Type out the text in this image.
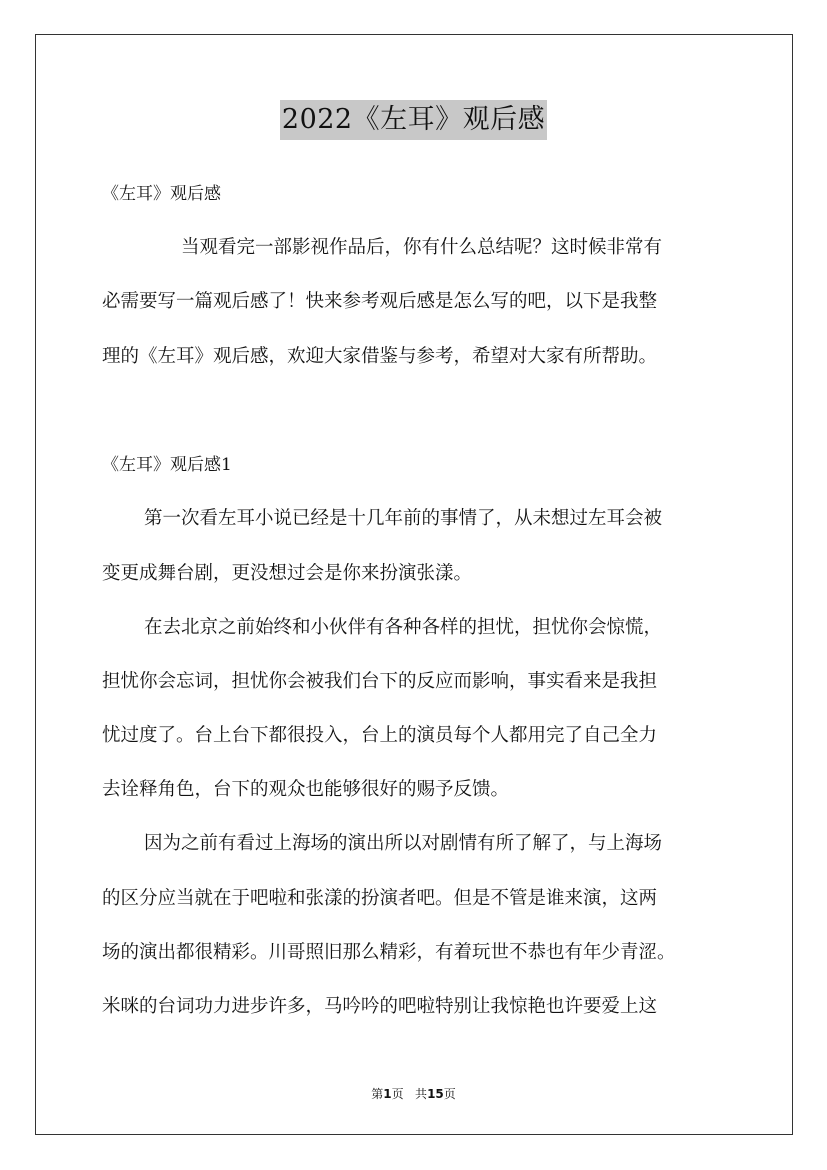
2022《左耳》观后感
《左耳》观后感
当观看完一部影视作品后，你有什么总结呢？这时候非常有
必需要写一篇观后感了！快来参考观后感是怎么写的吧，以下是我整
理的《左耳》观后感，欢迎大家借鉴与参考，希望对大家有所帮助。
《左耳》观后感1
第一次看左耳小说已经是十几年前的事情了，从未想过左耳会被
变更成舞台剧，更没想过会是你来扮演张漾。
在去北京之前始终和小伙伴有各种各样的担忧，担忧你会惊慌，
担忧你会忘词，担忧你会被我们台下的反应而影响，事实看来是我担
忧过度了。台上台下都很投入，台上的演员每个人都用完了自己全力
去诠释角色，台下的观众也能够很好的赐予反馈。
因为之前有看过上海场的演出所以对剧情有所了解了，与上海场
的区分应当就在于吧啦和张漾的扮演者吧。但是不管是谁来演，这两
场的演出都很精彩。川哥照旧那么精彩，有着玩世不恭也有年少青涩。
米咪的台词功力进步许多，马吟吟的吧啦特别让我惊艳也许要爱上这
第1页 共15页
